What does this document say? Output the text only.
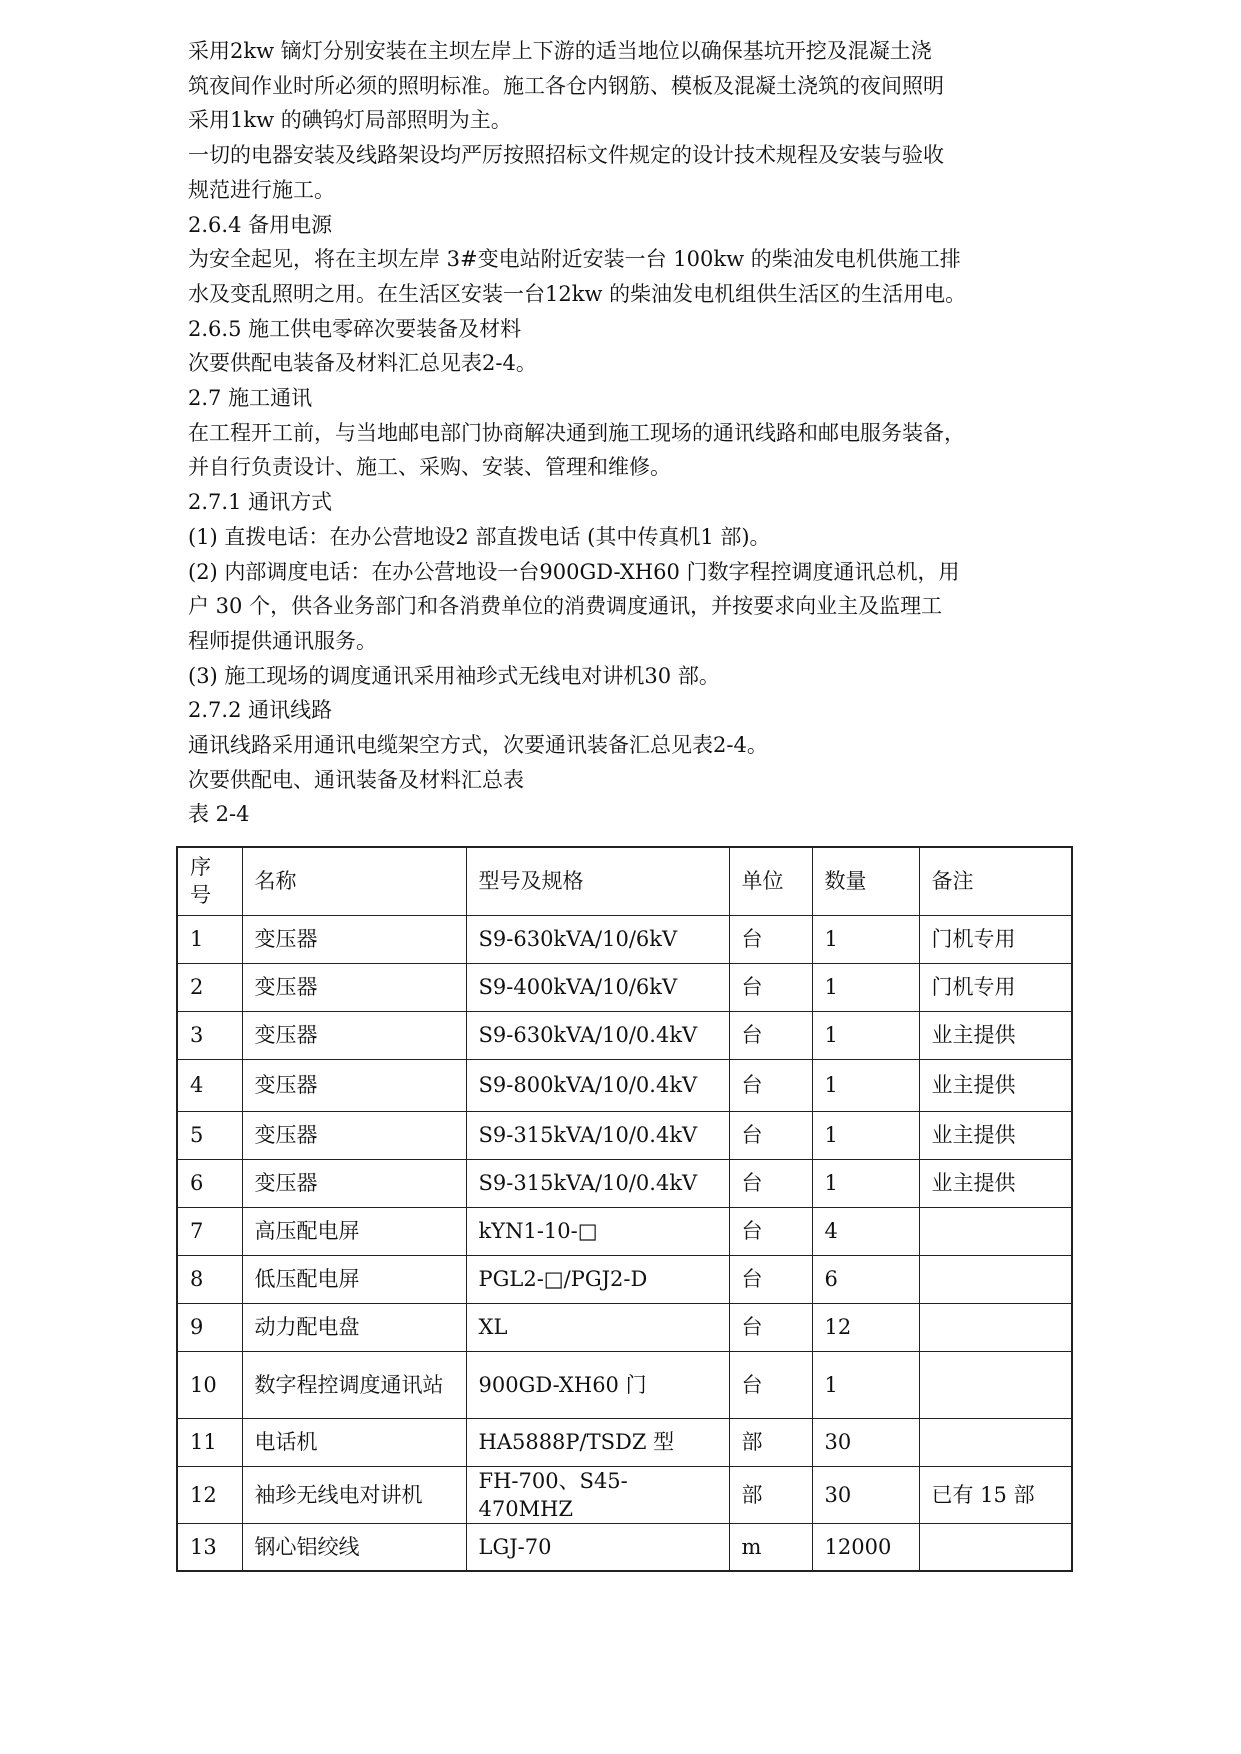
采用2kw 镝灯分别安装在主坝左岸上下游的适当地位以确保基坑开挖及混凝土浇

筑夜间作业时所必须的照明标准。施工各仓内钢筋、模板及混凝土浇筑的夜间照明

采用1kw 的碘钨灯局部照明为主。

一切的电器安装及线路架设均严厉按照招标文件规定的设计技术规程及安装与验收

规范进行施工。

2.6.4 备用电源

为安全起见，将在主坝左岸 3#变电站附近安装一台 100kw 的柴油发电机供施工排

水及变乱照明之用。在生活区安装一台12kw 的柴油发电机组供生活区的生活用电。

2.6.5 施工供电零碎次要装备及材料

次要供配电装备及材料汇总见表2-4。

2.7 施工通讯

在工程开工前，与当地邮电部门协商解决通到施工现场的通讯线路和邮电服务装备，

并自行负责设计、施工、采购、安装、管理和维修。

2.7.1 通讯方式

(1) 直拨电话：在办公营地设2 部直拨电话 (其中传真机1 部)。

(2) 内部调度电话：在办公营地设一台900GD-XH60 门数字程控调度通讯总机，用

户 30 个，供各业务部门和各消费单位的消费调度通讯，并按要求向业主及监理工

程师提供通讯服务。

(3) 施工现场的调度通讯采用袖珍式无线电对讲机30 部。

2.7.2 通讯线路

通讯线路采用通讯电缆架空方式，次要通讯装备汇总见表2-4。

次要供配电、通讯装备及材料汇总表

表 2-4

序号	名称	型号及规格	单位	数量	备注
1	变压器	S9-630kVA/10/6kV	台	1	门机专用
2	变压器	S9-400kVA/10/6kV	台	1	门机专用
3	变压器	S9-630kVA/10/0.4kV	台	1	业主提供
4	变压器	S9-800kVA/10/0.4kV	台	1	业主提供
5	变压器	S9-315kVA/10/0.4kV	台	1	业主提供
6	变压器	S9-315kVA/10/0.4kV	台	1	业主提供
7	高压配电屏	kYN1-10-□	台	4	
8	低压配电屏	PGL2-□/PGJ2-D	台	6	
9	动力配电盘	XL	台	12	
10	数字程控调度通讯站	900GD-XH60 门	台	1	
11	电话机	HA5888P/TSDZ 型	部	30	
12	袖珍无线电对讲机	FH-700、S45-470MHZ	部	30	已有 15 部
13	钢心铝绞线	LGJ-70	m	12000	
